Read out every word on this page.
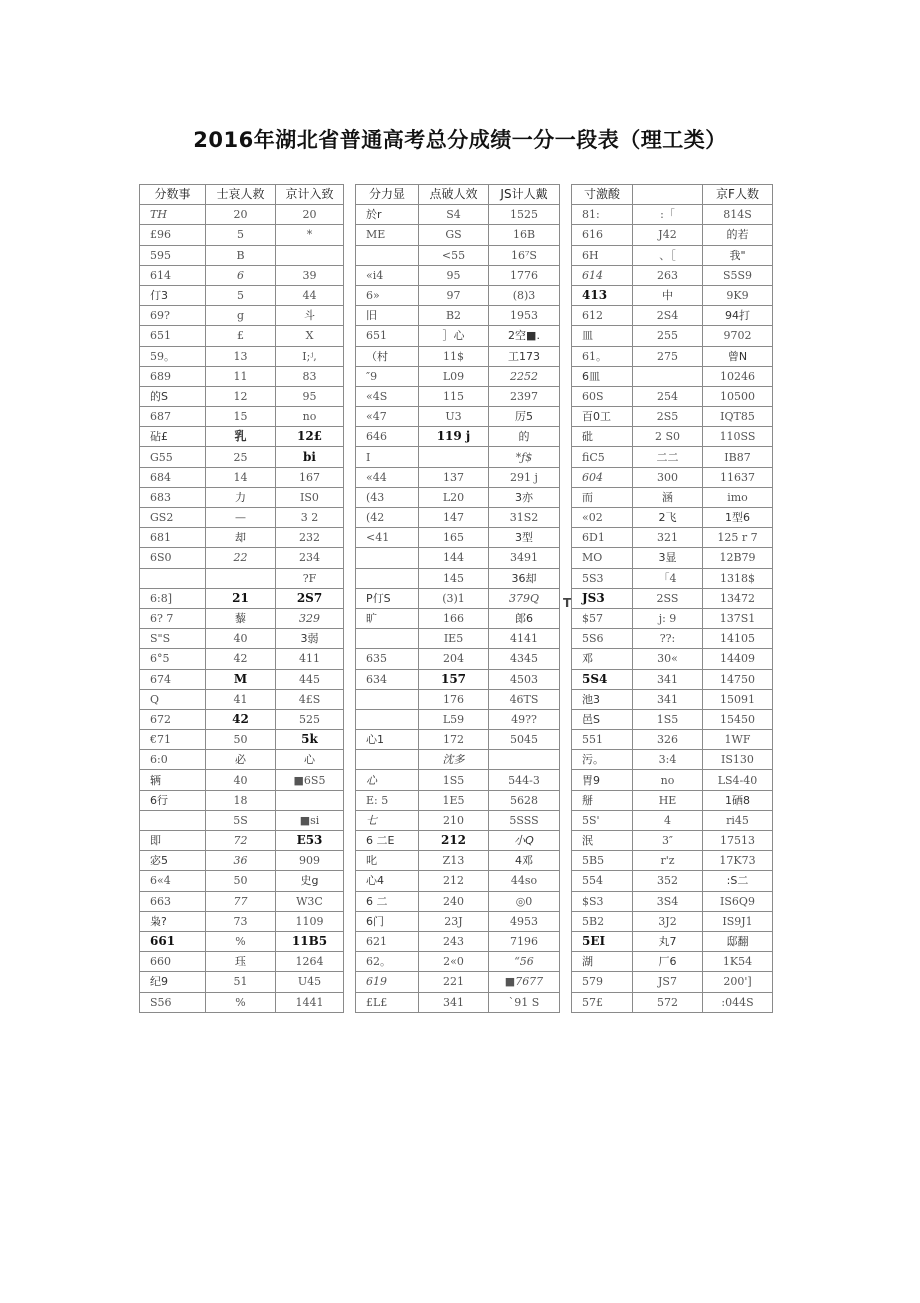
2016年湖北省普通高考总分成绩一分一段表（理工类）
分数事	士哀人救	京计入致
TH	20	20
£96	5	*
595	B	
614	6	39
仃3	5	44
69?	g	斗
651	£	X
59。	13	I;ʲ,
689	11	83
的S	12	95
687	15	no
砧£	乳	12£
G55	25	bi
684	14	167
683	力	IS0
GS2	—	3 2
681	却	232
6S0	22	234
		?F
6:8]	21	2S7
6? 7	藜	329
S"S	40	3弱
6°5	42	411
674	M	445
Q	41	4£S
672	42	525
€71	50	5k
6:0	必	心
辆	40	■6S5
6行	18	
	5S	■si
即	72	E53
宓5	36	909
6«4	50	史g
663	77	W3C
枭?	73	1109
661	%	11B5
660	珏	1264
纪9	51	U45
S56	%	1441
分力显	点破人效	JS计人戴
於r	S4	1525
ME	GS	16B
	<55	16⁷S
«i4	95	1776
6»	97	(8)3
旧	B2	1953
651	］心	2空■.
（村	11$	工173
″9	L09	2252
«4S	115	2397
«47	U3	厉5
646	119 j	的
I		*ƒ$
«44	137	291 j
(43	L20	3亦
(42	147	31S2
<41	165	3型
	144	3491
	145	36却
P仃S	(3)1	379Q
旷	166	郎6
	IE5	4141
635	204	4345
634	157	4503
	176	46TS
	L59	49??
心1	172	5045
	沈多	
心	1S5	544-3
E: 5	1E5	5628
七	210	5SSS
6 二E	212	小Q
叱	Z13	4邓
心4	212	44so
6 二	240	◎0
6门	23J	4953
621	243	7196
62。	2«0	“56
619	221	■7677
£L£	341	`91 S
寸激酸		京F人数
81:	:「	814S
616	J42	的若
6H	、［	我"
614	263	S5S9
413	中	9K9
612	2S4	94打
皿	255	9702
61。	275	曾N
6皿		10246
60S	254	10500
百0工	2S5	IQT85
砒	2 S0	110SS
fiC5	二二	IB87
604	300	11637
而	涵	imo
«02	2飞	1型6
6D1	321	125 r 7
MO	3显	12B79
5S3	「4	1318$
JS3	2SS	13472
$57	j: 9	137S1
5S6	??:	14105
邓	30«	14409
5S4	341	14750
池3	341	15091
邑S	1S5	15450
551	326	1WF
污。	3:4	IS130
胃9	no	LS4-40
掰	HE	1硒8
5S'	4	ri45
泯	3″	17513
5B5	r'z	17K73
554	352	:S二
$S3	3S4	IS6Q9
5B2	3J2	IS9J1
5EI	丸7	邸翻
湖	厂6	1K54
579	JS7	200']
57£	572	:044S
T
